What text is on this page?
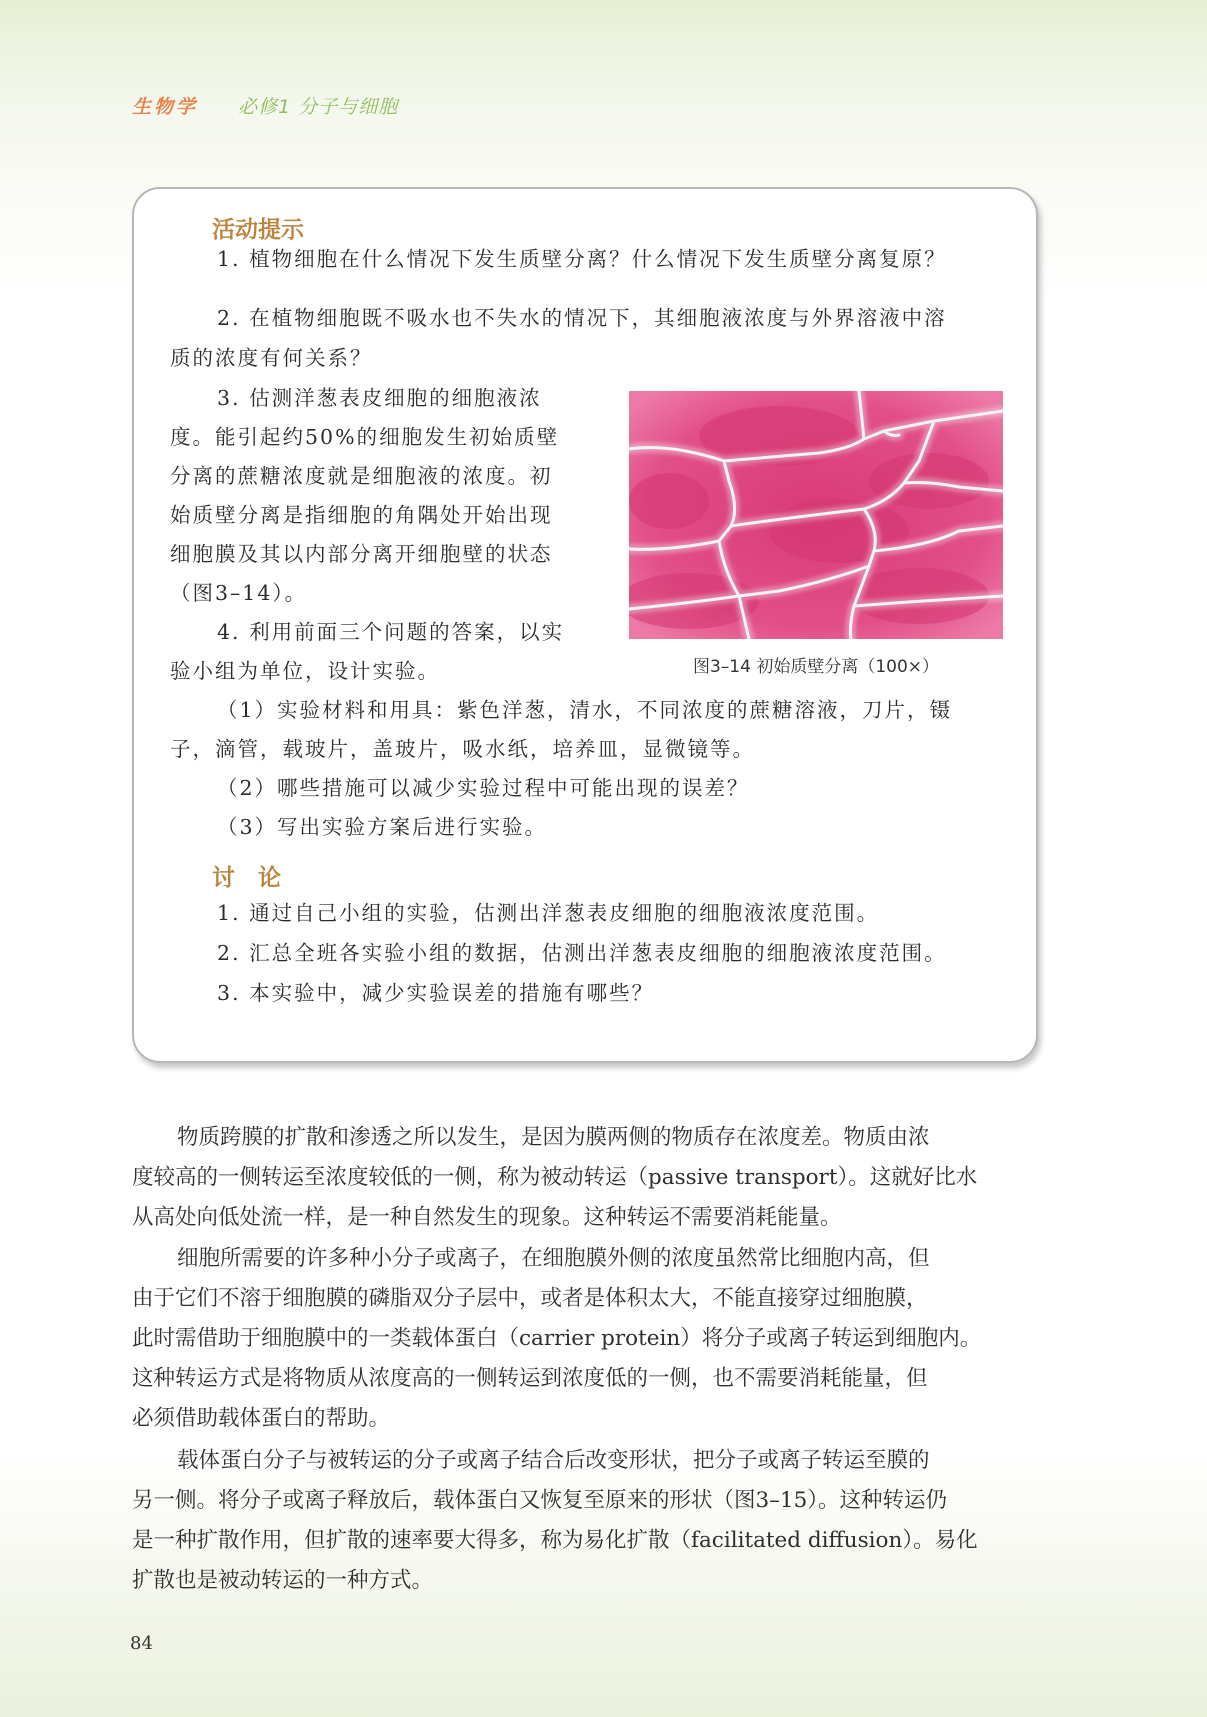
生物学 必修1 分子与细胞
活动提示

1. 植物细胞在什么情况下发生质壁分离？什么情况下发生质壁分离复原？

2. 在植物细胞既不吸水也不失水的情况下，其细胞液浓度与外界溶液中溶

质的浓度有何关系？

3. 估测洋葱表皮细胞的细胞液浓

度。能引起约50%的细胞发生初始质壁

分离的蔗糖浓度就是细胞液的浓度。初

始质壁分离是指细胞的角隅处开始出现

细胞膜及其以内部分离开细胞壁的状态

（图3–14）。

4. 利用前面三个问题的答案，以实

验小组为单位，设计实验。

（1）实验材料和用具：紫色洋葱，清水，不同浓度的蔗糖溶液，刀片，镊

子，滴管，载玻片，盖玻片，吸水纸，培养皿，显微镜等。

（2）哪些措施可以减少实验过程中可能出现的误差？

（3）写出实验方案后进行实验。

图3–14 初始质壁分离（100×）
讨　论

1. 通过自己小组的实验，估测出洋葱表皮细胞的细胞液浓度范围。

2. 汇总全班各实验小组的数据，估测出洋葱表皮细胞的细胞液浓度范围。

3. 本实验中，减少实验误差的措施有哪些？

物质跨膜的扩散和渗透之所以发生，是因为膜两侧的物质存在浓度差。物质由浓

度较高的一侧转运至浓度较低的一侧，称为被动转运（passive transport）。这就好比水

从高处向低处流一样，是一种自然发生的现象。这种转运不需要消耗能量。

细胞所需要的许多种小分子或离子，在细胞膜外侧的浓度虽然常比细胞内高，但

由于它们不溶于细胞膜的磷脂双分子层中，或者是体积太大，不能直接穿过细胞膜，

此时需借助于细胞膜中的一类载体蛋白（carrier protein）将分子或离子转运到细胞内。

这种转运方式是将物质从浓度高的一侧转运到浓度低的一侧，也不需要消耗能量，但

必须借助载体蛋白的帮助。

载体蛋白分子与被转运的分子或离子结合后改变形状，把分子或离子转运至膜的

另一侧。将分子或离子释放后，载体蛋白又恢复至原来的形状（图3–15）。这种转运仍

是一种扩散作用，但扩散的速率要大得多，称为易化扩散（facilitated diffusion）。易化

扩散也是被动转运的一种方式。

84
